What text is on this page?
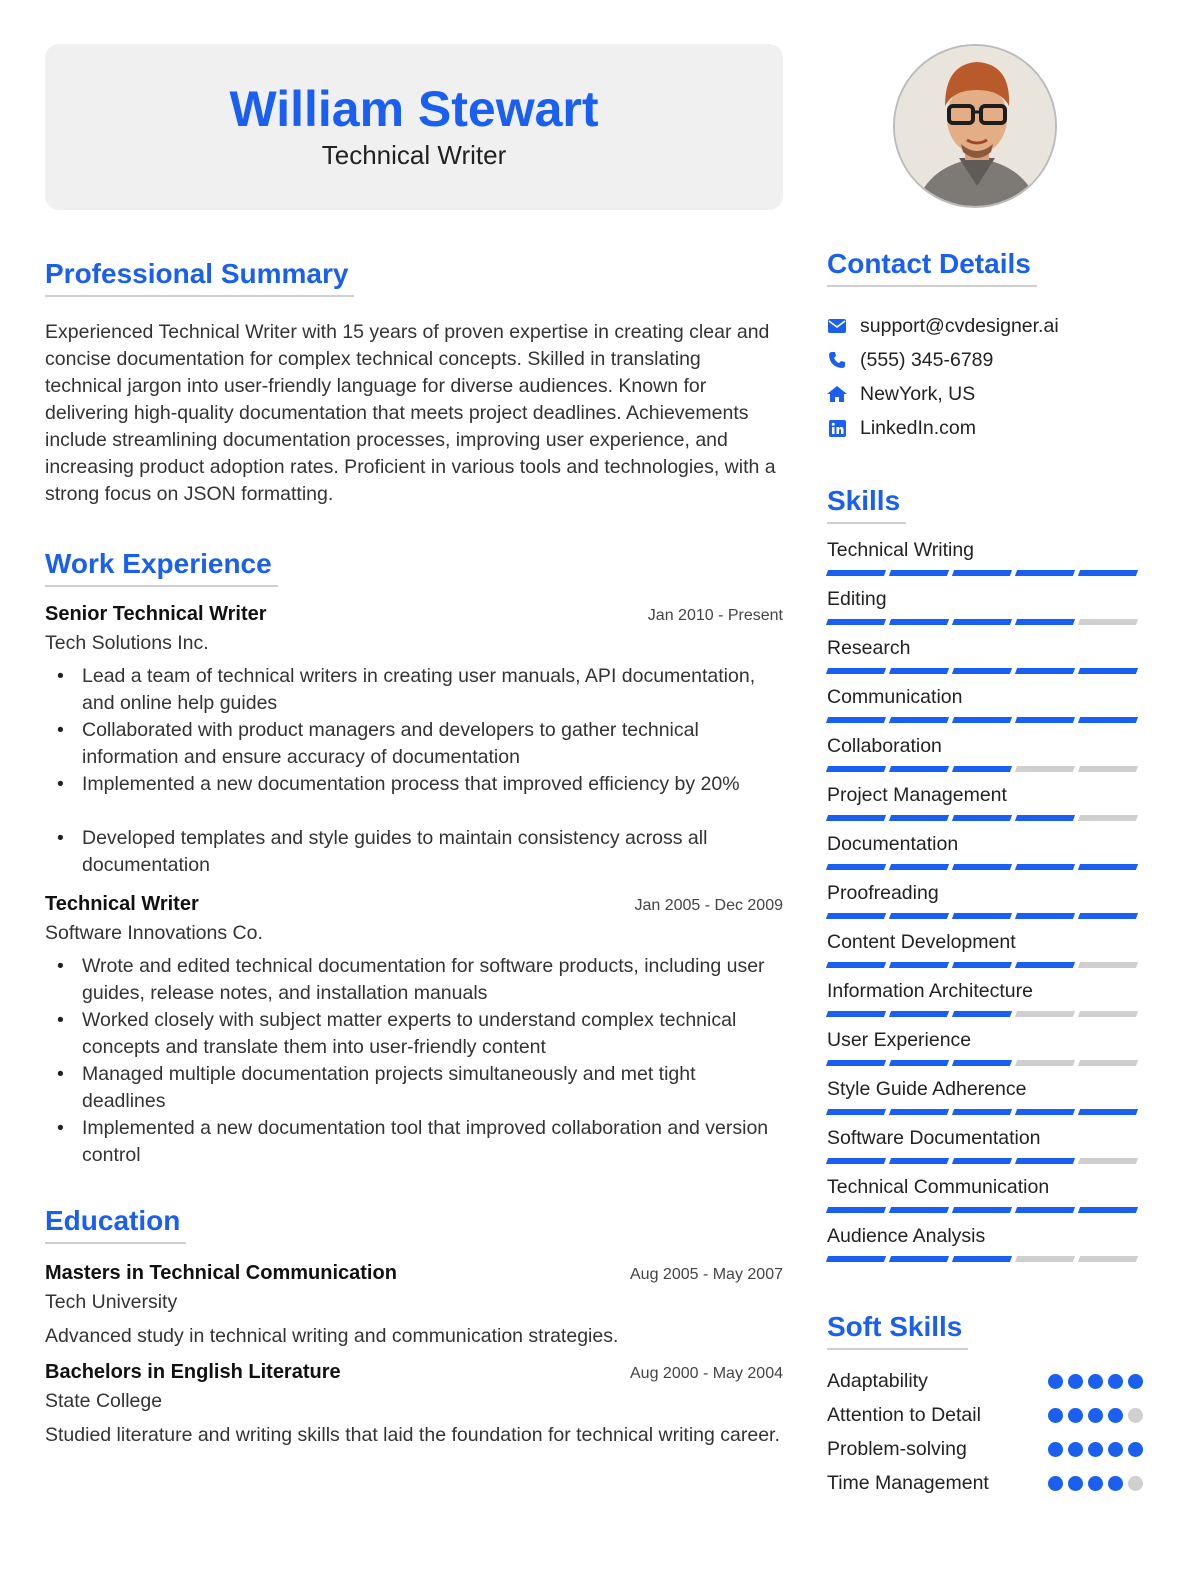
William Stewart
Technical Writer
Professional Summary

Experienced Technical Writer with 15 years of proven expertise in creating clear and concise documentation for complex technical concepts. Skilled in translating technical jargon into user-friendly language for diverse audiences. Known for delivering high-quality documentation that meets project deadlines. Achievements include streamlining documentation processes, improving user experience, and increasing product adoption rates. Proficient in various tools and technologies, with a strong focus on JSON formatting.

Work Experience
Senior Technical Writer	Jan 2010 - Present
Tech Solutions Inc.
• Lead a team of technical writers in creating user manuals, API documentation, and online help guides
• Collaborated with product managers and developers to gather technical information and ensure accuracy of documentation
• Implemented a new documentation process that improved efficiency by 20%
• Developed templates and style guides to maintain consistency across all documentation
Technical Writer	Jan 2005 - Dec 2009
Software Innovations Co.
• Wrote and edited technical documentation for software products, including user guides, release notes, and installation manuals
• Worked closely with subject matter experts to understand complex technical concepts and translate them into user-friendly content
• Managed multiple documentation projects simultaneously and met tight deadlines
• Implemented a new documentation tool that improved collaboration and version control
Education
Masters in Technical Communication	Aug 2005 - May 2007
Tech University
Advanced study in technical writing and communication strategies.
Bachelors in English Literature	Aug 2000 - May 2004
State College
Studied literature and writing skills that laid the foundation for technical writing career.
Contact Details
support@cvdesigner.ai
(555) 345-6789
NewYork, US
LinkedIn.com
Skills
Technical Writing
Editing
Research
Communication
Collaboration
Project Management
Documentation
Proofreading
Content Development
Information Architecture
User Experience
Style Guide Adherence
Software Documentation
Technical Communication
Audience Analysis
Soft Skills
Adaptability
Attention to Detail
Problem-solving
Time Management
